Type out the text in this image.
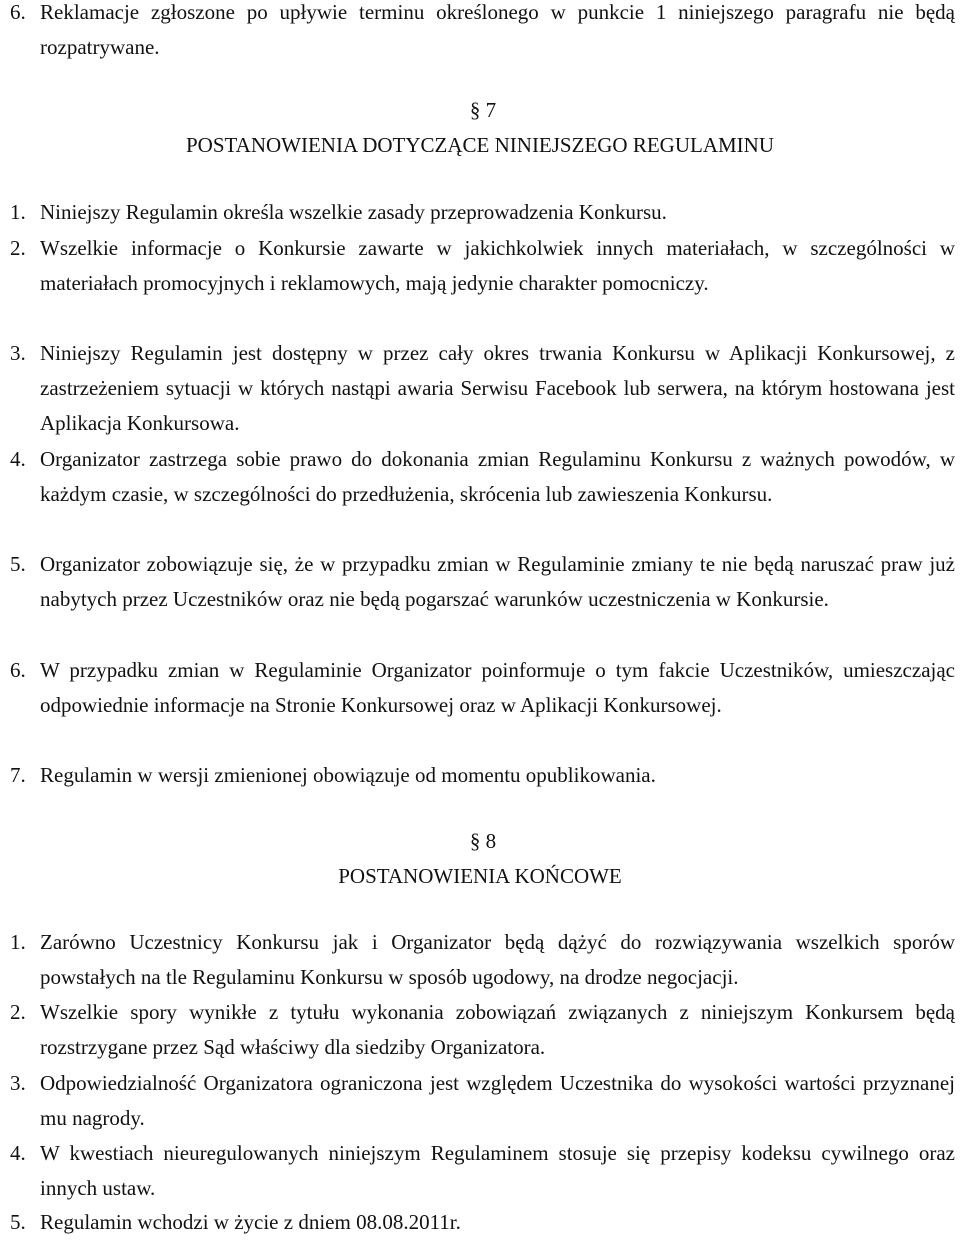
6. Reklamacje zgłoszone po upływie terminu określonego w punkcie 1 niniejszego paragrafu nie będą rozpatrywane.
§ 7
POSTANOWIENIA DOTYCZĄCE NINIEJSZEGO REGULAMINU
1. Niniejszy Regulamin określa wszelkie zasady przeprowadzenia Konkursu.
2. Wszelkie informacje o Konkursie zawarte w jakichkolwiek innych materiałach, w szczególności w materiałach promocyjnych i reklamowych, mają jedynie charakter pomocniczy.
3. Niniejszy Regulamin jest dostępny w przez cały okres trwania Konkursu w Aplikacji Konkursowej, z zastrzeżeniem sytuacji w których nastąpi awaria Serwisu Facebook lub serwera, na którym hostowana jest Aplikacja Konkursowa.
4. Organizator zastrzega sobie prawo do dokonania zmian Regulaminu Konkursu z ważnych powodów, w każdym czasie, w szczególności do przedłużenia, skrócenia lub zawieszenia Konkursu.
5. Organizator zobowiązuje się, że w przypadku zmian w Regulaminie zmiany te nie będą naruszać praw już nabytych przez Uczestników oraz nie będą pogarszać warunków uczestniczenia w Konkursie.
6. W przypadku zmian w Regulaminie Organizator poinformuje o tym fakcie Uczestników, umieszczając odpowiednie informacje na Stronie Konkursowej oraz w Aplikacji Konkursowej.
7. Regulamin w wersji zmienionej obowiązuje od momentu opublikowania.
§ 8
POSTANOWIENIA KOŃCOWE
1. Zarówno Uczestnicy Konkursu jak i Organizator będą dążyć do rozwiązywania wszelkich sporów powstałych na tle Regulaminu Konkursu w sposób ugodowy, na drodze negocjacji.
2. Wszelkie spory wynikłe z tytułu wykonania zobowiązań związanych z niniejszym Konkursem będą rozstrzygane przez Sąd właściwy dla siedziby Organizatora.
3. Odpowiedzialność Organizatora ograniczona jest względem Uczestnika do wysokości wartości przyznanej mu nagrody.
4. W kwestiach nieuregulowanych niniejszym Regulaminem stosuje się przepisy kodeksu cywilnego oraz innych ustaw.
5. Regulamin wchodzi w życie z dniem 08.08.2011r.
